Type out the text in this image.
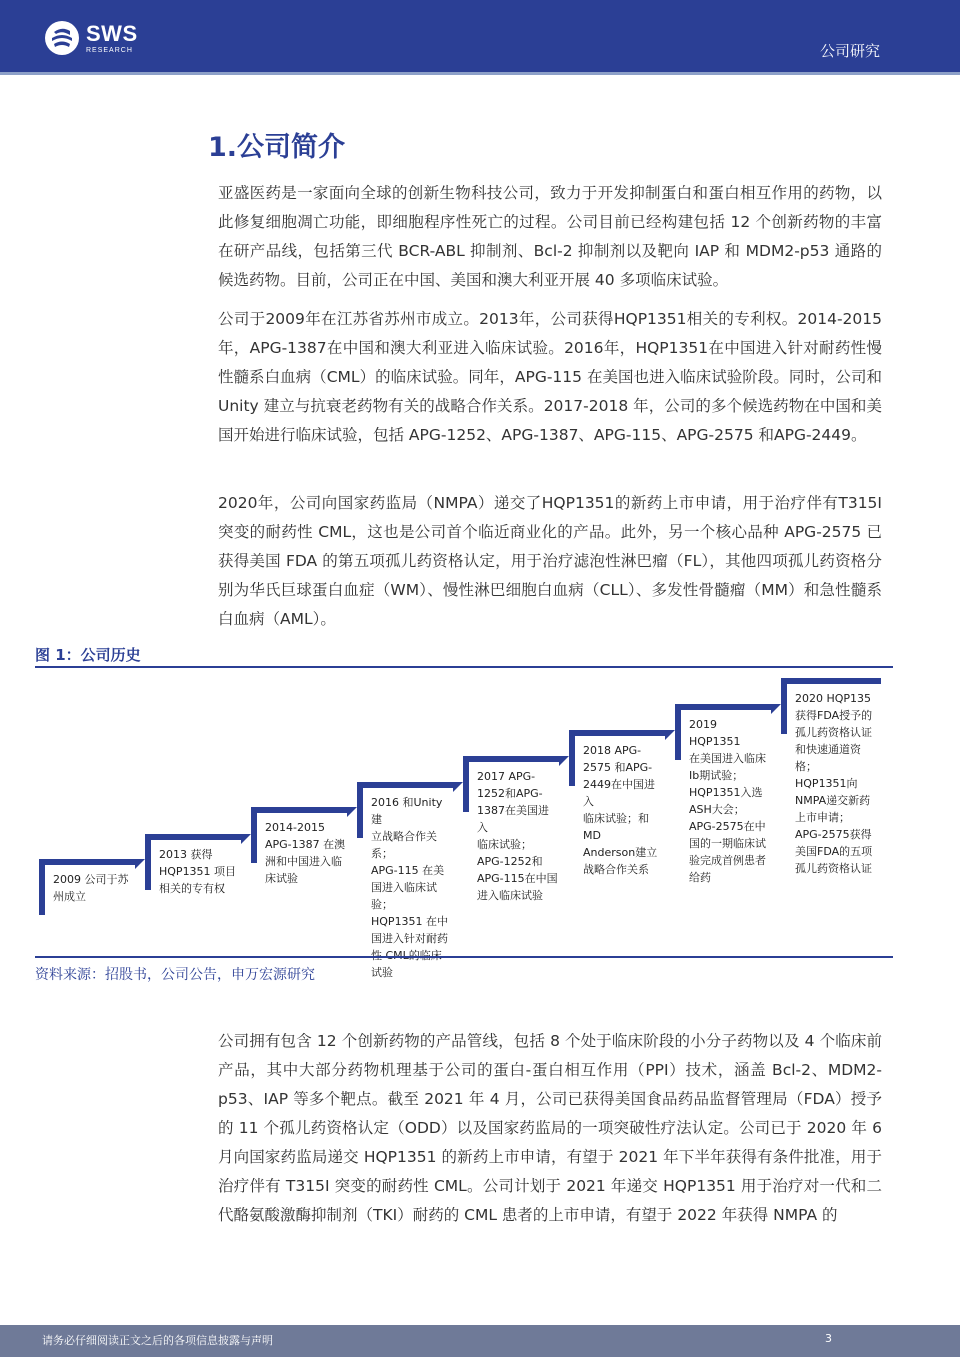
SWS
RESEARCH	公司研究
1.公司简介

亚盛医药是一家面向全球的创新生物科技公司，致力于开发抑制蛋白和蛋白相互作用的药物，以此修复细胞凋亡功能，即细胞程序性死亡的过程。公司目前已经构建包括 12 个创新药物的丰富在研产品线，包括第三代 BCR-ABL 抑制剂、Bcl-2 抑制剂以及靶向 IAP 和 MDM2-p53 通路的候选药物。目前，公司正在中国、美国和澳大利亚开展 40 多项临床试验。

公司于2009年在江苏省苏州市成立。2013年，公司获得HQP1351相关的专利权。2014-2015年，APG-1387在中国和澳大利亚进入临床试验。2016年，HQP1351在中国进入针对耐药性慢性髓系白血病（CML）的临床试验。同年，APG-115 在美国也进入临床试验阶段。同时，公司和 Unity 建立与抗衰老药物有关的战略合作关系。2017-2018 年，公司的多个候选药物在中国和美国开始进行临床试验，包括 APG-1252、APG-1387、APG-115、APG-2575 和APG-2449。

2020年，公司向国家药监局（NMPA）递交了HQP1351的新药上市申请，用于治疗伴有T315I突变的耐药性 CML，这也是公司首个临近商业化的产品。此外，另一个核心品种 APG-2575 已获得美国 FDA 的第五项孤儿药资格认定，用于治疗滤泡性淋巴瘤（FL），其他四项孤儿药资格分别为华氏巨球蛋白血症（WM）、慢性淋巴细胞白血病（CLL）、多发性骨髓瘤（MM）和急性髓系白血病（AML）。

图 1：公司历史
2009 公司于苏
州成立
2013 获得
HQP1351 项目
相关的专有权
2014-2015
APG-1387 在澳
洲和中国进入临
床试验
2016 和Unity建
立战略合作关系；
APG-115 在美
国进入临床试验；
HQP1351 在中
国进入针对耐药

试验
2017 APG-
1252和APG-
1387在美国进入
临床试验；
APG-1252和
APG-115在中国
进入临床试验
2018 APG-
2575 和APG-
2449在中国进入
临床试验；和MD
Anderson建立
战略合作关系
2019 HQP1351
在美国进入临床
Ib期试验；
HQP1351入选
ASH大会；
APG-2575在中
国的一期临床试
验完成首例患者
给药
2020 HQP135
获得FDA授予的
孤儿药资格认证
和快速通道资格；
HQP1351向
NMPA递交新药
上市申请；
APG-2575获得
美国FDA的五项
孤儿药资格认证
资料来源：招股书，公司公告，申万宏源研究

公司拥有包含 12 个创新药物的产品管线，包括 8 个处于临床阶段的小分子药物以及 4 个临床前产品，其中大部分药物机理基于公司的蛋白-蛋白相互作用（PPI）技术，涵盖 Bcl-2、MDM2-p53、IAP 等多个靶点。截至 2021 年 4 月，公司已获得美国食品药品监督管理局（FDA）授予的 11 个孤儿药资格认定（ODD）以及国家药监局的一项突破性疗法认定。公司已于 2020 年 6 月向国家药监局递交 HQP1351 的新药上市申请，有望于 2021 年下半年获得有条件批准，用于治疗伴有 T315I 突变的耐药性 CML。公司计划于 2021 年递交 HQP1351 用于治疗对一代和二代酪氨酸激酶抑制剂（TKI）耐药的 CML 患者的上市申请，有望于 2022 年获得 NMPA 的

请务必仔细阅读正文之后的各项信息披露与声明	3
